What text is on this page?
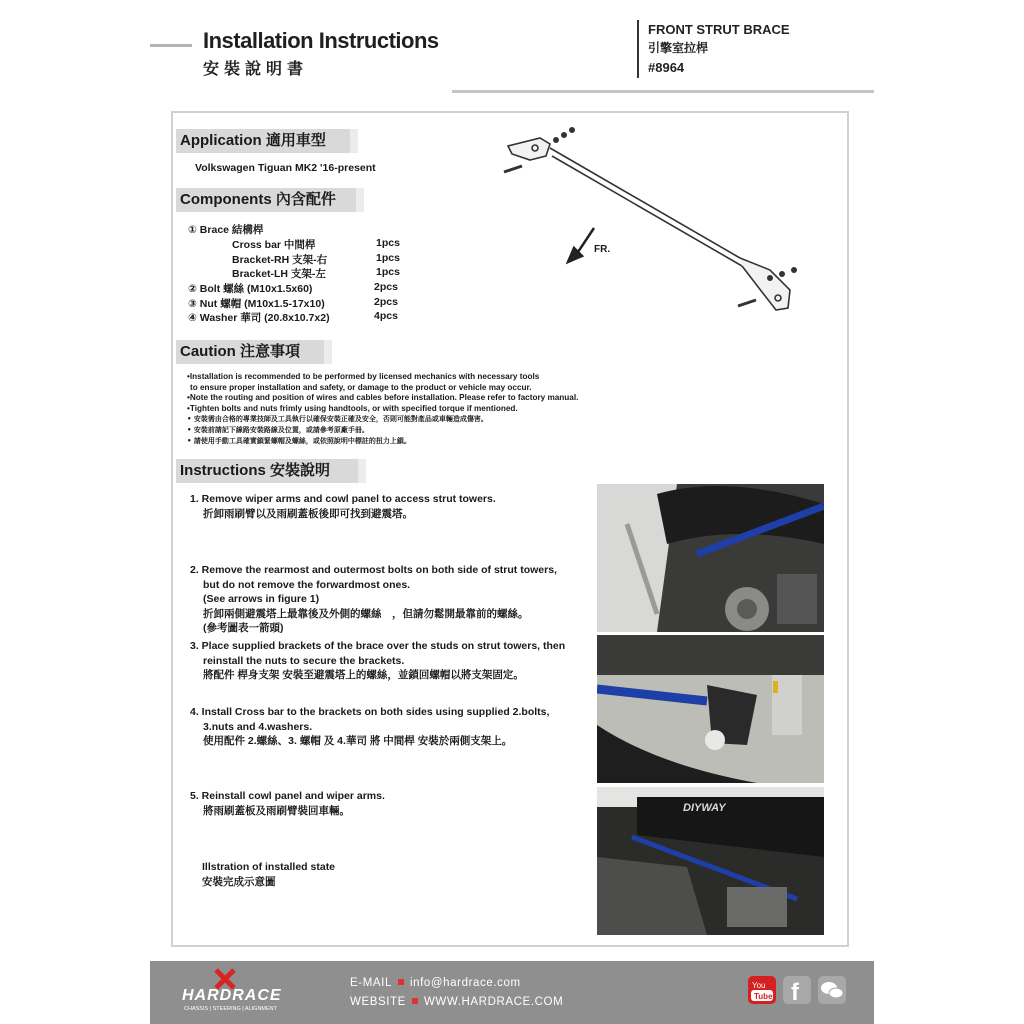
Installation Instructions
安裝說明書
FRONT STRUT BRACE
引擎室拉桿
#8964
Application 適用車型
Volkswagen Tiguan MK2 '16-present
Components 內含配件
① Brace 結構桿
Cross bar 中間桿	1pcs
Bracket-RH 支架-右	1pcs
Bracket-LH 支架-左	1pcs
② Bolt 螺絲 (M10x1.5x60)	2pcs
③ Nut 螺帽 (M10x1.5-17x10)	2pcs
④ Washer 華司 (20.8x10.7x2)	4pcs
FR.
Caution 注意事項
•Installation is recommended to be performed by licensed mechanics with necessary tools
to ensure proper installation and safety, or damage to the product or vehicle may occur.
•Note the routing and position of wires and cables before installation. Please refer to factory manual.
•Tighten bolts and nuts frimly using handtools, or with specified torque if mentioned.
• 安裝需由合格的專業技師及工具執行以確保安裝正確及安全，否則可能對產品或車輛造成傷害。
• 安裝前請記下線路安裝路線及位置，或請參考原廠手冊。
• 請使用手動工具確實鎖緊螺帽及螺絲，或依照說明中標註的扭力上鎖。
Instructions 安裝說明
1. Remove wiper arms and cowl panel to access strut towers.
折卸雨刷臂以及雨刷蓋板後即可找到避震塔。
2. Remove the rearmost and outermost bolts on both side of strut towers,
but do not remove the forwardmost ones.
(See arrows in figure 1)
折卸兩側避震塔上最靠後及外側的螺絲　，但請勿鬆開最靠前的螺絲。
(參考圖表一箭頭)
3. Place supplied brackets of the brace over the studs on strut towers, then
reinstall the nuts to secure the brackets.
將配件 桿身支架 安裝至避震塔上的螺絲，並鎖回螺帽以將支架固定。
4. Install Cross bar to the brackets on both sides using supplied 2.bolts,
3.nuts and 4.washers.
使用配件 2.螺絲、3. 螺帽 及 4.華司 將 中間桿 安裝於兩側支架上。
5. Reinstall cowl panel and wiper arms.
將雨刷蓋板及雨刷臂裝回車輛。
Illstration of installed state
安裝完成示意圖
DIYWAY
HARDRACE
CHASSIS | STEERING | ALIGNMENT
E-MAIL info@hardrace.com
WEBSITE WWW.HARDRACE.COM
You
Tube f
